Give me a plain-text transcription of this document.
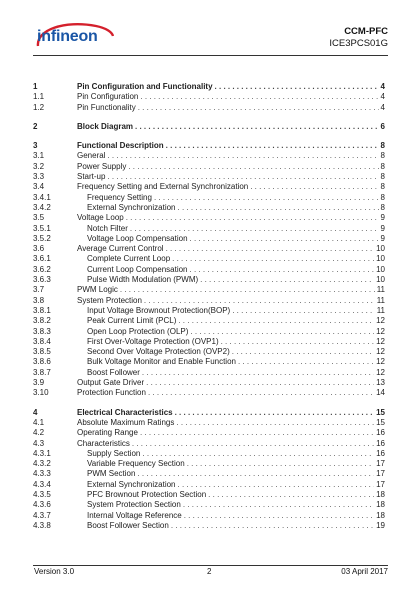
infineon	CCM-PFC
ICE3PCS01G
1	Pin Configuration and Functionality . . .	4
1.1	Pin Configuration . . .	4
1.2	Pin Functionality . . .	4
2	Block Diagram . . .	6
3	Functional Description . . .	8
3.1	General . . .	8
3.2	Power Supply . . .	8
3.3	Start-up . . .	8
3.4	Frequency Setting and External Synchronization . . .	8
3.4.1	Frequency Setting . . .	8
3.4.2	External Synchronization . . .	8
3.5	Voltage Loop . . .	9
3.5.1	Notch Filter . . .	9
3.5.2	Voltage Loop Compensation . . .	9
3.6	Average Current Control . . .	10
3.6.1	Complete Current Loop . . .	10
3.6.2	Current Loop Compensation . . .	10
3.6.3	Pulse Width Modulation (PWM) . . .	10
3.7	PWM Logic . . .	11
3.8	System Protection . . .	11
3.8.1	Input Voltage Brownout Protection(BOP) . . .	11
3.8.2	Peak Current Limit (PCL) . . .	12
3.8.3	Open Loop Protection (OLP) . . .	12
3.8.4	First Over-Voltage Protection (OVP1) . . .	12
3.8.5	Second Over Voltage Protection (OVP2) . . .	12
3.8.6	Bulk Voltage Monitor and Enable Function . . .	12
3.8.7	Boost Follower . . .	12
3.9	Output Gate Driver . . .	13
3.10	Protection Function . . .	14
4	Electrical Characteristics . . .	15
4.1	Absolute Maximum Ratings . . .	15
4.2	Operating Range . . .	16
4.3	Characteristics . . .	16
4.3.1	Supply Section . . .	16
4.3.2	Variable Frequency Section . . .	17
4.3.3	PWM Section . . .	17
4.3.4	External Synchronization . . .	17
4.3.5	PFC Brownout Protection Section . . .	18
4.3.6	System Protection Section . . .	18
4.3.7	Internal Voltage Reference . . .	18
4.3.8	Boost Follower Section . . .	19
Version 3.0	2	03 April 2017
